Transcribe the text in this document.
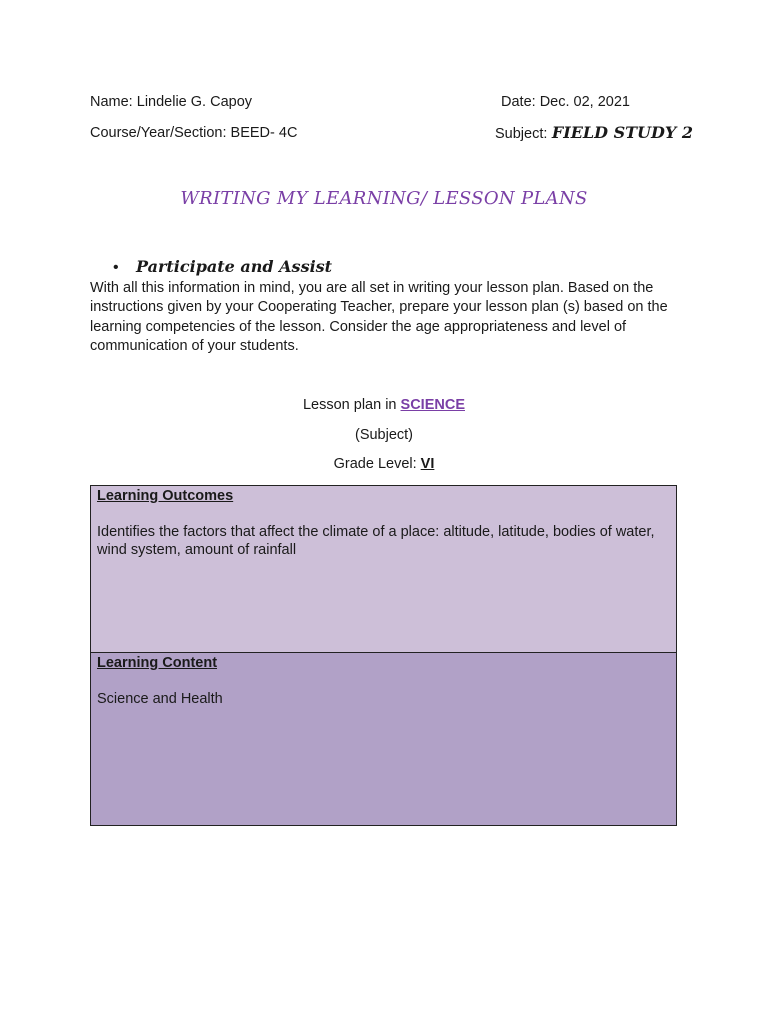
Name: Lindelie G. Capoy	Date: Dec. 02, 2021
Course/Year/Section: BEED- 4C	Subject: FIELD STUDY 2
WRITING MY LEARNING/ LESSON PLANS
• Participate and Assist
With all this information in mind, you are all set in writing your lesson plan. Based on the instructions given by your Cooperating Teacher, prepare your lesson plan (s) based on the learning competencies of the lesson. Consider the age appropriateness and level of communication of your students.
Lesson plan in SCIENCE
(Subject)
Grade Level: VI
Learning Outcomes
Identifies the factors that affect the climate of a place: altitude, latitude, bodies of water, wind system, amount of rainfall
Learning Content
Science and Health
